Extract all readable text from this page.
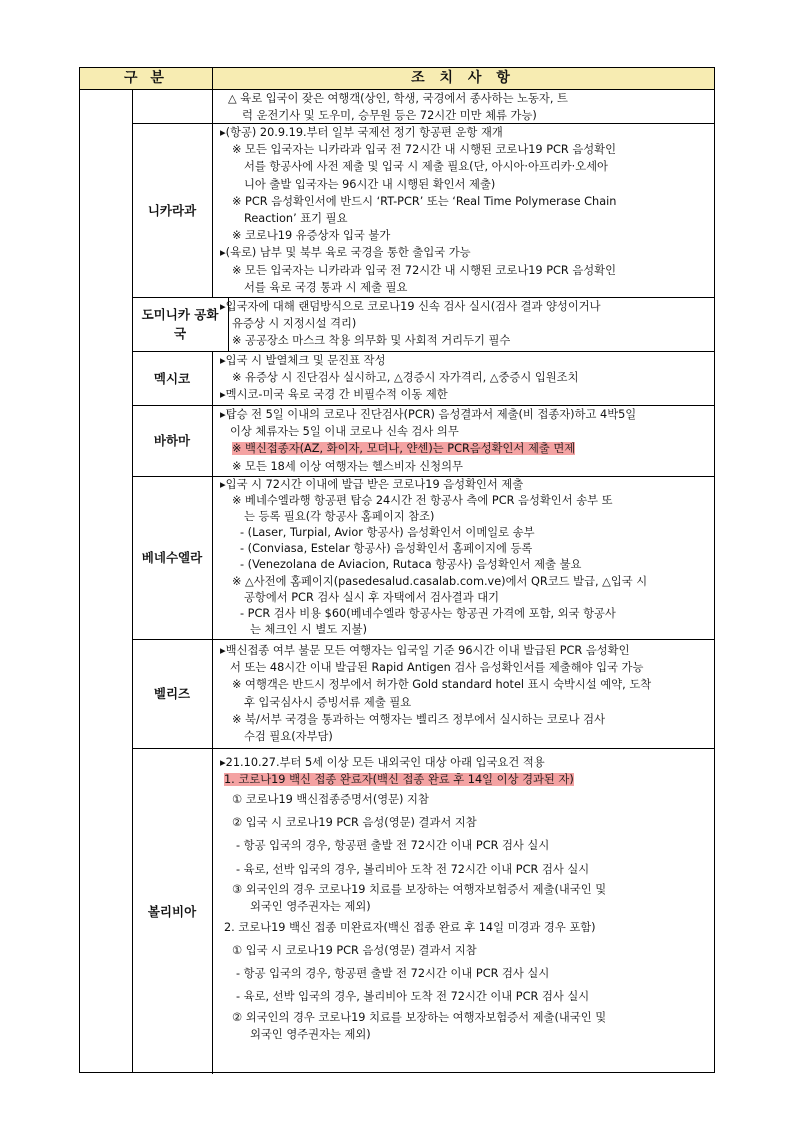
구 분	조 치 사 항
△ 육로 입국이 잦은 여행객(상인, 학생, 국경에서 종사하는 노동자, 트
럭 운전기사 및 도우미, 승무원 등은 72시간 미만 체류 가능)
니카라과
▸(항공) 20.9.19.부터 일부 국제선 정기 항공편 운항 재개
※ 모든 입국자는 니카라과 입국 전 72시간 내 시행된 코로나19 PCR 음성확인
서를 항공사에 사전 제출 및 입국 시 제출 필요(단, 아시아·아프리카·오세아
니아 출발 입국자는 96시간 내 시행된 확인서 제출)
※ PCR 음성확인서에 반드시 ‘RT-PCR’ 또는 ‘Real Time Polymerase Chain
Reaction’ 표기 필요
※ 코로나19 유증상자 입국 불가
▸(육로) 남부 및 북부 육로 국경을 통한 출입국 가능
※ 모든 입국자는 니카라과 입국 전 72시간 내 시행된 코로나19 PCR 음성확인
서를 육로 국경 통과 시 제출 필요
도미니카 공화국
▸입국자에 대해 랜덤방식으로 코로나19 신속 검사 실시(검사 결과 양성이거나
유증상 시 지정시설 격리)
※ 공공장소 마스크 착용 의무화 및 사회적 거리두기 필수
멕시코
▸입국 시 발열체크 및 문진표 작성
※ 유증상 시 진단검사 실시하고, △경증시 자가격리, △중증시 입원조치
▸멕시코-미국 육로 국경 간 비필수적 이동 제한
바하마
▸탑승 전 5일 이내의 코로나 진단검사(PCR) 음성결과서 제출(비 접종자)하고 4박5일
이상 체류자는 5일 이내 코로나 신속 검사 의무
※ 백신접종자(AZ, 화이자, 모더나, 얀센)는 PCR음성확인서 제출 면제
※ 모든 18세 이상 여행자는 헬스비자 신청의무
베네수엘라
▸입국 시 72시간 이내에 발급 받은 코로나19 음성확인서 제출
※ 베네수엘라행 항공편 탑승 24시간 전 항공사 측에 PCR 음성확인서 송부 또
는 등록 필요(각 항공사 홈페이지 참조)
- (Laser, Turpial, Avior 항공사) 음성확인서 이메일로 송부
- (Conviasa, Estelar 항공사) 음성확인서 홈페이지에 등록
- (Venezolana de Aviacion, Rutaca 항공사) 음성확인서 제출 불요
※ △사전에 홈페이지(pasedesalud.casalab.com.ve)에서 QR코드 발급, △입국 시
공항에서 PCR 검사 실시 후 자택에서 검사결과 대기
- PCR 검사 비용 $60(베네수엘라 항공사는 항공권 가격에 포함, 외국 항공사
는 체크인 시 별도 지불)
벨리즈
▸백신접종 여부 불문 모든 여행자는 입국일 기준 96시간 이내 발급된 PCR 음성확인
서 또는 48시간 이내 발급된 Rapid Antigen 검사 음성확인서를 제출해야 입국 가능
※ 여행객은 반드시 정부에서 허가한 Gold standard hotel 표시 숙박시설 예약, 도착
후 입국심사시 증빙서류 제출 필요
※ 북/서부 국경을 통과하는 여행자는 벨리즈 정부에서 실시하는 코로나 검사
수검 필요(자부담)
볼리비아
▸21.10.27.부터 5세 이상 모든 내외국인 대상 아래 입국요건 적용
1. 코로나19 백신 접종 완료자(백신 접종 완료 후 14일 이상 경과된 자)
① 코로나19 백신접종증명서(영문) 지참
② 입국 시 코로나19 PCR 음성(영문) 결과서 지참
- 항공 입국의 경우, 항공편 출발 전 72시간 이내 PCR 검사 실시
- 육로, 선박 입국의 경우, 볼리비아 도착 전 72시간 이내 PCR 검사 실시
③ 외국인의 경우 코로나19 치료를 보장하는 여행자보험증서 제출(내국인 및
외국인 영주권자는 제외)
2. 코로나19 백신 접종 미완료자(백신 접종 완료 후 14일 미경과 경우 포함)
① 입국 시 코로나19 PCR 음성(영문) 결과서 지참
- 항공 입국의 경우, 항공편 출발 전 72시간 이내 PCR 검사 실시
- 육로, 선박 입국의 경우, 볼리비아 도착 전 72시간 이내 PCR 검사 실시
② 외국인의 경우 코로나19 치료를 보장하는 여행자보험증서 제출(내국인 및
외국인 영주권자는 제외)
